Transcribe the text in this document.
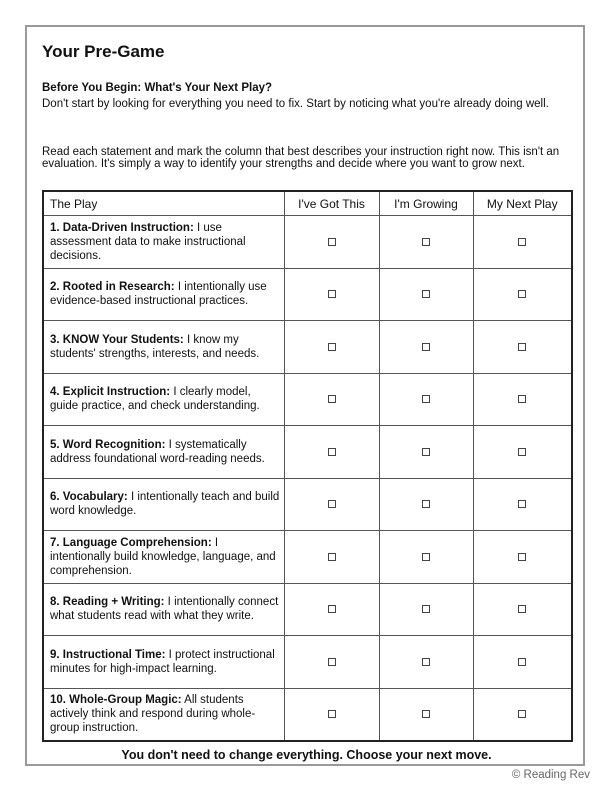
Your Pre-Game
Before You Begin: What's Your Next Play?
Don't start by looking for everything you need to fix. Start by noticing what you're already doing well.
Read each statement and mark the column that best describes your instruction right now. This isn't an evaluation. It's simply a way to identify your strengths and decide where you want to grow next.
The Play	I've Got This	I'm Growing	My Next Play
1. Data-Driven Instruction: I use assessment data to make instructional decisions.			
2. Rooted in Research: I intentionally use evidence-based instructional practices.			
3. KNOW Your Students: I know my students' strengths, interests, and needs.			
4. Explicit Instruction: I clearly model, guide practice, and check understanding.			
5. Word Recognition: I systematically address foundational word-reading needs.			
6. Vocabulary: I intentionally teach and build word knowledge.			
7. Language Comprehension: I intentionally build knowledge, language, and comprehension.			
8. Reading + Writing: I intentionally connect what students read with what they write.			
9. Instructional Time: I protect instructional minutes for high-impact learning.			
10. Whole-Group Magic: All students actively think and respond during whole-group instruction.			
You don't need to change everything. Choose your next move.
© Reading Rev
